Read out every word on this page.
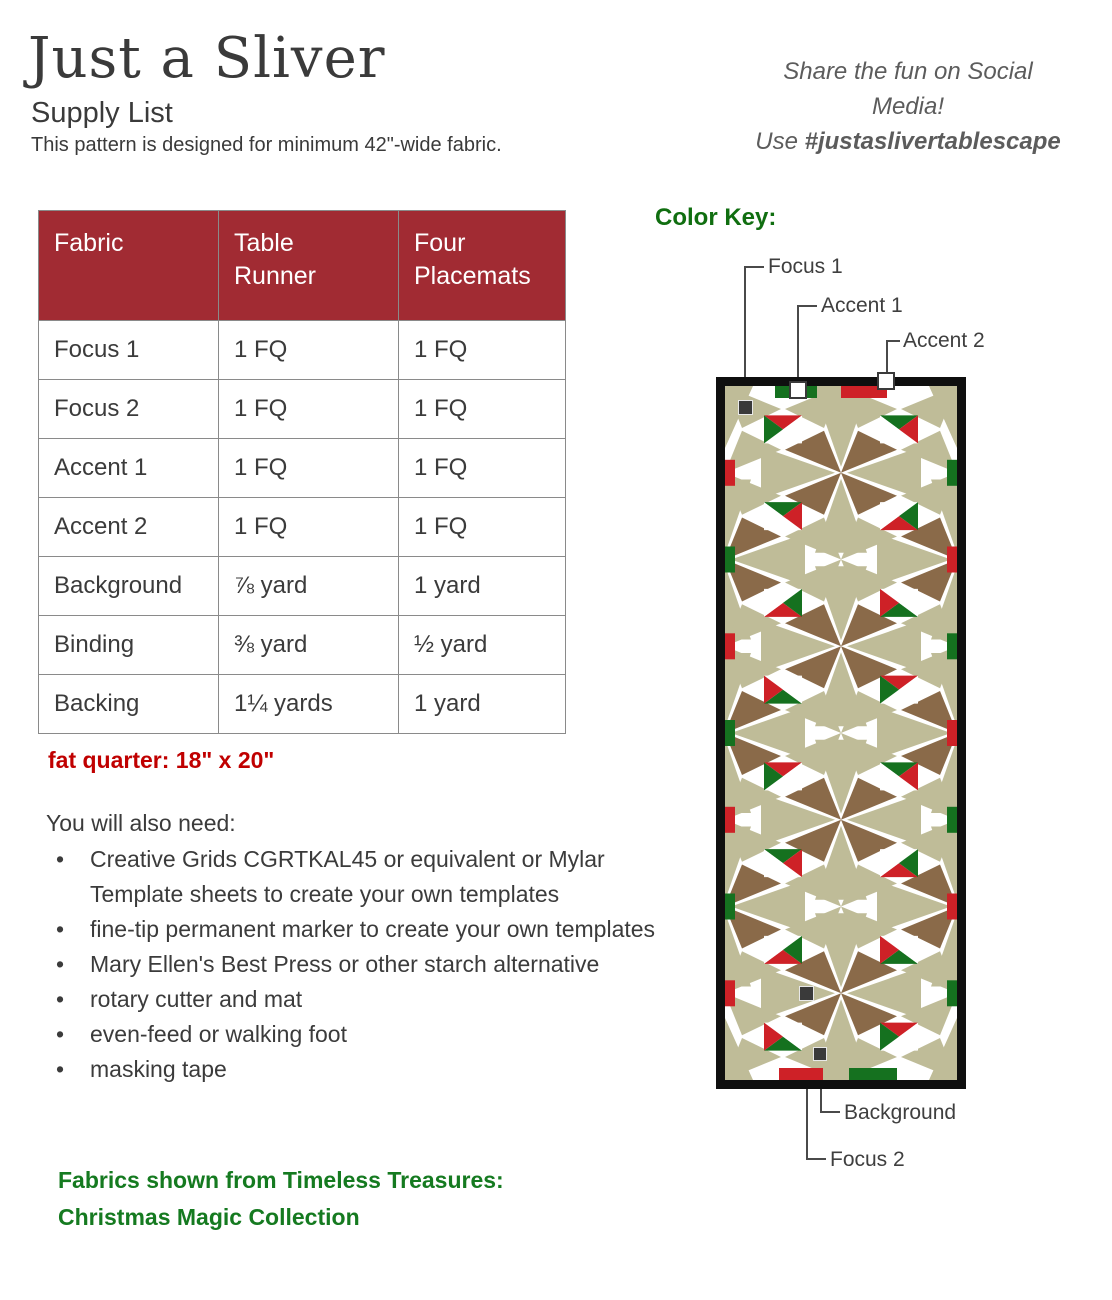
Just a Sliver
Supply List
This pattern is designed for minimum 42"-wide fabric.
Share the fun on Social
Media!
Use #justaslivertablescape
Fabric	Table Runner	Four Placemats

Focus 1	1 FQ	1 FQ
Focus 2	1 FQ	1 FQ
Accent 1	1 FQ	1 FQ
Accent 2	1 FQ	1 FQ
Background	⅞ yard	1 yard
Binding	⅜ yard	½ yard
Backing	1¼ yards	1 yard
fat quarter: 18" x 20"
You will also need:
•	Creative Grids CGRTKAL45 or equivalent or Mylar Template sheets to create your own templates
•	fine-tip permanent marker to create your own templates
•	Mary Ellen's Best Press or other starch alternative
•	rotary cutter and mat
•	even-feed or walking foot
•	masking tape
Fabrics shown from Timeless Treasures:
Christmas Magic Collection
Color Key:
Focus 1
Accent 1
Accent 2
Background
Focus 2
